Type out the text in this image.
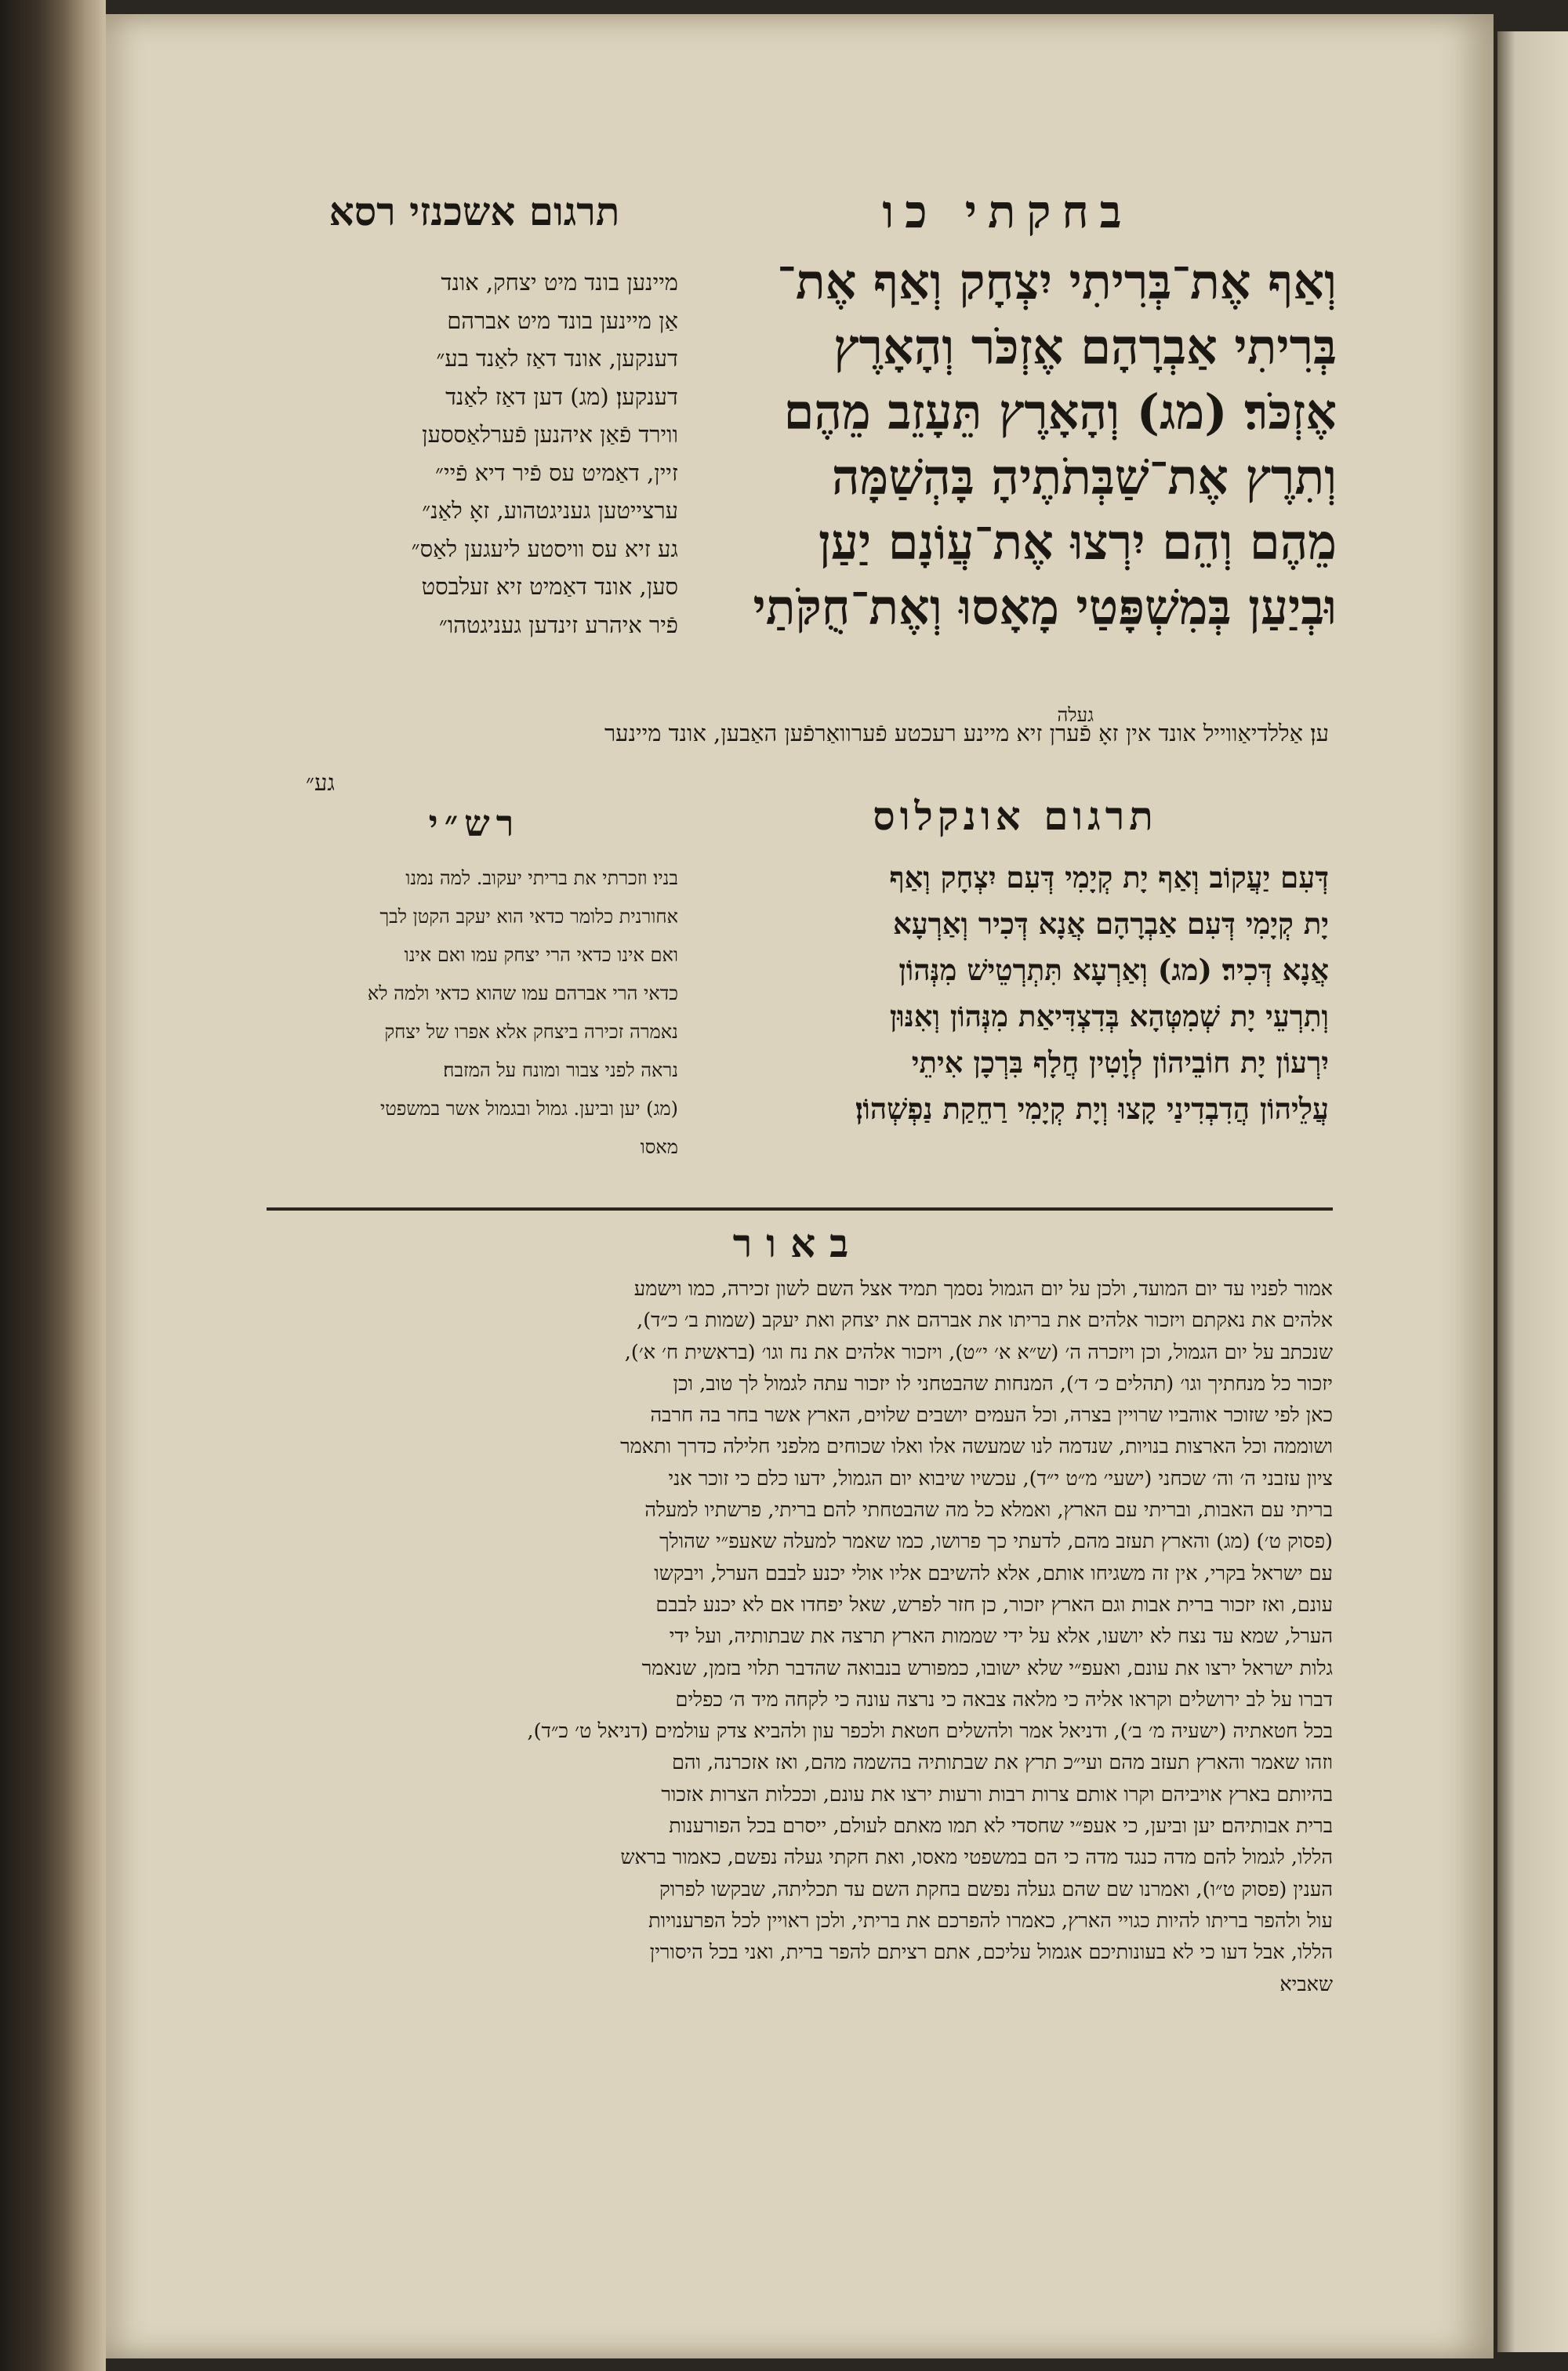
בחקתי כו
תרגום אשכנזי רסא
וְאַף אֶת־בְּרִיתִי יִצְחָק וְאַף אֶת־
בְּרִיתִי אַבְרָהָם אֶזְכֹּר וְהָאָרֶץ
אֶזְכֹּר׃ (מג) וְהָאָרֶץ תֵּעָזֵב מֵהֶם
וְתִרֶץ אֶת־שַׁבְּתֹתֶיהָ בָּהְשַׁמָּה
מֵהֶם וְהֵם יִרְצוּ אֶת־עֲוֹנָם יַעַן
וּבְיַעַן בְּמִשְׁפָּטַי מָאָסוּ וְאֶת־חֻקֹּתַי
מיינען בונד מיט יצחק, אונד
אַן מיינען בונד מיט אברהם
דענקען, אונד דאַז לאַנד בע״
דענקען׃ (מג) דען דאַז לאַנד
ווירד פֿאַן איהנען פֿערלאַססען
זיין, דאַמיט עס פֿיר דיא פֿיי״
ערצייטען געניגטהוע, זאָ לאַנ״
גע זיא עס וויסטע ליעגען לאַס״
סען, אונד דאַמיט זיא זעלבסט
פֿיר איהרע זינדען געניגטהו״
געלה
ען׃ אַללדיאַווייל אונד אין זאָ פֿערן זיא מיינע רעכטע פֿערוואַרפֿען האַבען, אונד מיינער
גע״
תרגום אונקלוס
רש״י
דְּעִם יַעֲקוֹב וְאַף יָת קְיָמִי דְּעִם יִצְחָק וְאַף
יָת קְיָמִי דְּעִם אַבְרָהָם אֲנָא דְּכִיר וְאַרְעָא
אֲנָא דְּכִיר׃ (מג) וְאַרְעָא תִּתְרְטֵישׁ מִנְּהוֹן
וְתִרְעֵי יָת שְׁמִטְּהָא בְּדִצְדִּיאַת מִנְּהוֹן וְאִנּוּן
יִרְעוֹן יָת חוֹבֵיהוֹן לְוָטִין חֲלָף בִּרְכָן אִיתֵי
עֲלֵיהוֹן הֲדִבְדִינַי קָצוּ וְיָת קְיָמִי רַחֵקַת נַפְשְׁהוֹן׃
בניו׃ וזכרתי את בריתי יעקוב. למה נמנו
אחורנית כלומר כדאי הוא יעקב הקטן לבך
ואם אינו כדאי הרי יצחק עמו ואם אינו
כדאי הרי אברהם עמו שהוא כדאי ולמה לא
נאמרה זכירה ביצחק אלא אפרו של יצחק
נראה לפני צבור ומונח על המזבח׃
(מג) יען וביען. גמול ובגמול אשר במשפטי
מאסו
באור
אמור לפניו עד יום המועד, ולכן על יום הגמול נסמך תמיד אצל השם לשון זכירה, כמו וישמע
אלהים את נאקתם ויזכור אלהים את בריתו את אברהם את יצחק ואת יעקב (שמות ב׳ כ״ד),
שנכתב על יום הגמול, וכן ויזכרה ה׳ (ש״א א׳ י״ט), ויזכור אלהים את נח וגו׳ (בראשית ח׳ א׳),
יזכור כל מנחתיך וגו׳ (תהלים כ׳ ד׳), המנחות שהבטחני לו יזכור עתה לגמול לך טוב, וכן
כאן לפי שזוכר אוהביו שרויין בצרה, וכל העמים יושבים שלוים, הארץ אשר בחר בה חרבה
ושוממה וכל הארצות בנויות, שנדמה לנו שמעשה אלו ואלו שכוחים מלפני חלילה כדרך ותאמר
ציון עזבני ה׳ וה׳ שכחני (ישעי׳ מ״ט י״ד), עכשיו שיבוא יום הגמול, ידעו כלם כי זוכר אני
בריתי עם האבות, ובריתי עם הארץ, ואמלא כל מה שהבטחתי להם׃ בריתי, פרשתיו למעלה
(פסוק ט׳)׃ (מג) והארץ תעזב מהם, לדעתי כך פרושו, כמו שאמר למעלה שאעפ״י שהולך
עם ישראל בקרי, אין זה משגיחו אותם, אלא להשיבם אליו אולי יכנע לבבם הערל, ויבקשו
עונם, ואז יזכור ברית אבות וגם הארץ יזכור, כן חזר לפרש, שאל יפחדו אם לא יכנע לבבם
הערל, שמא עד נצח לא יושעו, אלא על ידי שממות הארץ תרצה את שבתותיה, ועל ידי
גלות ישראל ירצו את עונם, ואעפ״י שלא ישובו, כמפורש בנבואה שהדבר תלוי בזמן, שנאמר
דברו על לב ירושלים וקראו אליה כי מלאה צבאה כי נרצה עונה כי לקחה מיד ה׳ כפלים
בכל חטאתיה (ישעיה מ׳ ב׳), ודניאל אמר ולהשלים חטאת ולכפר עון ולהביא צדק עולמים (דניאל ט׳ כ״ד),
וזהו שאמר והארץ תעזב מהם ועי״כ תרץ את שבתותיה בהשמה מהם, ואז אזכרנה, והם
בהיותם בארץ אויביהם וקרו אותם צרות רבות ורעות ירצו את עונם, וככלות הצרות אזכור
ברית אבותיהם׃ יען וביען, כי אעפ״י שחסדי לא תמו מאתם לעולם, ייסרם בכל הפורענות
הללו, לגמול להם מדה כנגד מדה כי הם במשפטי מאסו, ואת חקתי געלה נפשם, כאמור בראש
הענין (פסוק ט״ו), ואמרנו שם שהם געלה נפשם בחקת השם עד תכליתה, שבקשו לפרוק
עול ולהפר בריתו להיות כגויי הארץ, כאמרו להפרכם את בריתי, ולכן ראויין לכל הפרענויות
הללו, אבל דעו כי לא בעונותיכם אגמול עליכם, אתם רציתם להפר ברית, ואני בכל היסורין
שאביא
